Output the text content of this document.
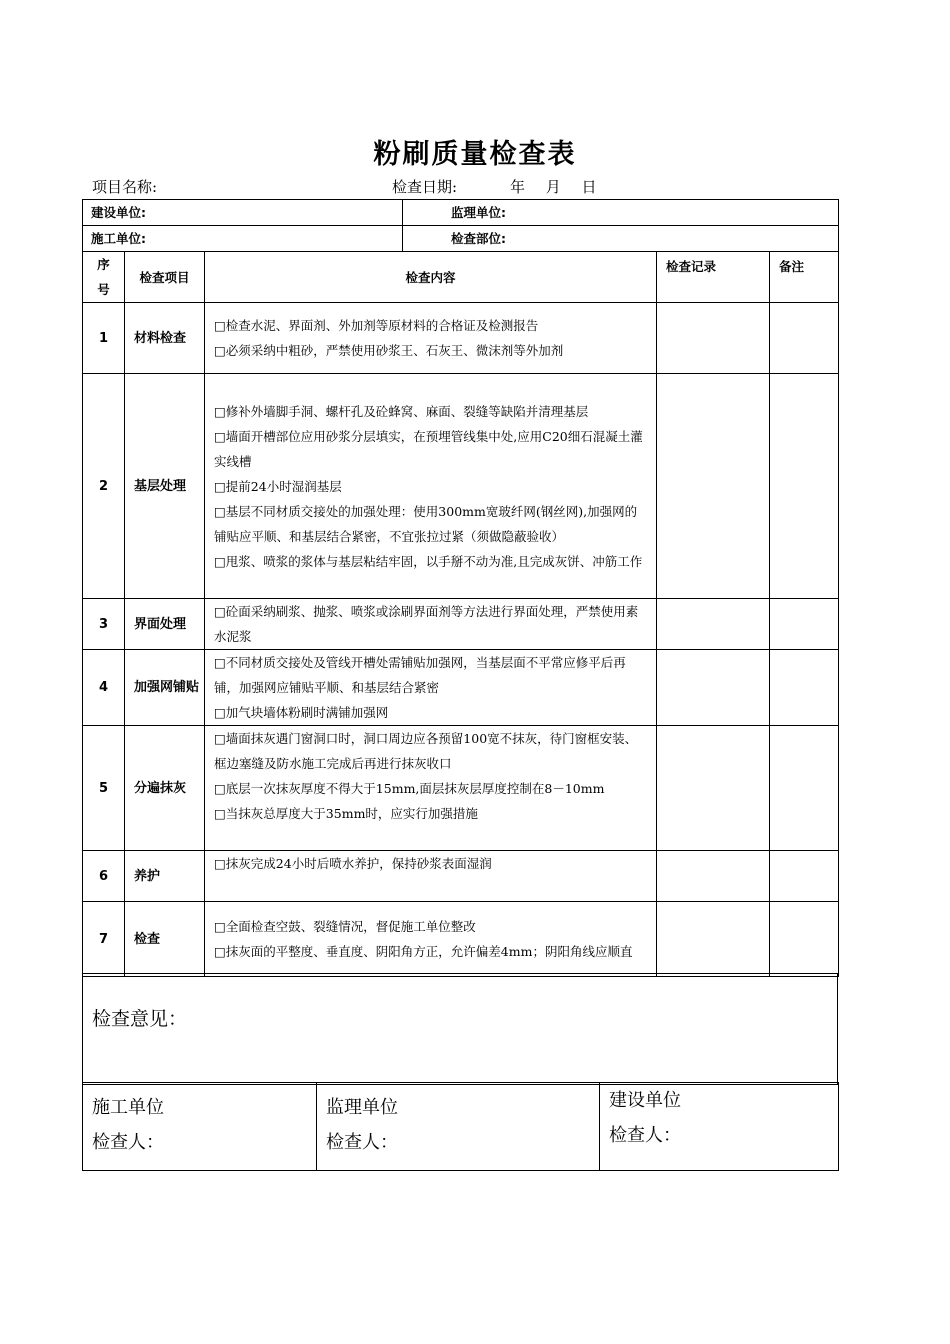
粉刷质量检查表
项目名称:	检查日期:	年 月 日
建设单位:			监理单位:		
施工单位:			检查部位:		
序号	检查项目	检查内容		检查记录	备注
1	材料检查	□检查水泥、界面剂、外加剂等原材料的合格证及检测报告
□必须采纳中粗砂，严禁使用砂浆王、石灰王、微沫剂等外加剂			

2	基层处理	□修补外墙脚手洞、螺杆孔及砼蜂窝、麻面、裂缝等缺陷并清理基层
□墙面开槽部位应用砂浆分层填实，在预埋管线集中处,应用C20细石混凝土灌实线槽
□提前24小时湿润基层
□基层不同材质交接处的加强处理：使用300mm宽玻纤网(钢丝网),加强网的铺贴应平顺、和基层结合紧密，不宜张拉过紧（须做隐蔽验收）
□甩浆、喷浆的浆体与基层粘结牢固，以手掰不动为准,且完成灰饼、冲筋工作			

3	界面处理	□砼面采纳刷浆、抛浆、喷浆或涂刷界面剂等方法进行界面处理，严禁使用素水泥浆			

4	加强网铺贴	□不同材质交接处及管线开槽处需铺贴加强网，当基层面不平常应修平后再铺，加强网应铺贴平顺、和基层结合紧密
□加气块墙体粉刷时满铺加强网			

5	分遍抹灰	□墙面抹灰遇门窗洞口时，洞口周边应各预留100宽不抹灰，待门窗框安装、框边塞缝及防水施工完成后再进行抹灰收口
□底层一次抹灰厚度不得大于15mm,面层抹灰层厚度控制在8－10mm
□当抹灰总厚度大于35mm时，应实行加强措施			

6	养护	□抹灰完成24小时后喷水养护，保持砂浆表面湿润			

7	检查	□全面检查空鼓、裂缝情况，督促施工单位整改
□抹灰面的平整度、垂直度、阴阳角方正，允许偏差4mm；阴阳角线应顺直			

检查意见：
施工单位
检查人：

监理单位
检查人：

建设单位
检查人：
